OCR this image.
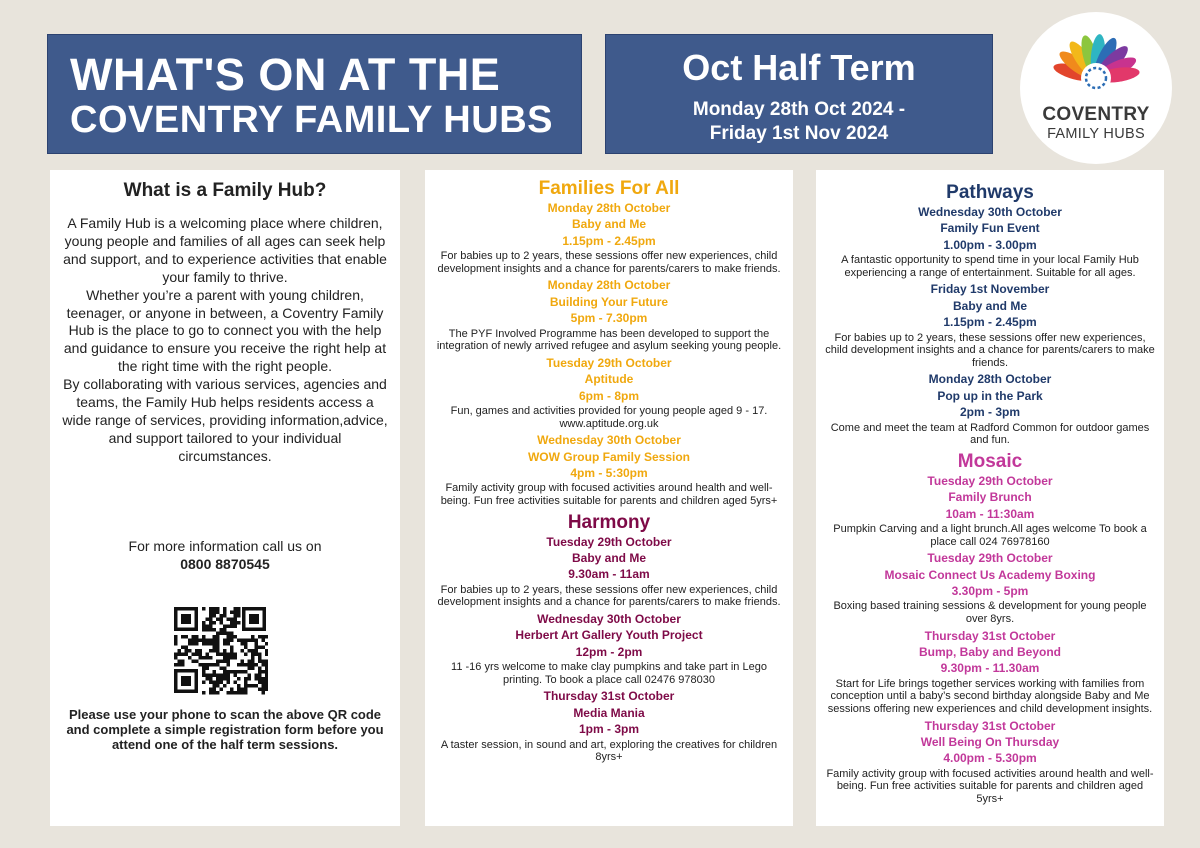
WHAT'S ON AT THE
COVENTRY FAMILY HUBS
Oct Half Term
Monday 28th Oct 2024 -
Friday 1st Nov 2024
COVENTRY
FAMILY HUBS
What is a Family Hub?

A Family Hub is a welcoming place where children, young people and families of all ages can seek help and support, and to experience activities that enable your family to thrive.

Whether you’re a parent with young children, teenager, or anyone in between, a Coventry Family Hub is the place to go to connect you with the help and guidance to ensure you receive the right help at the right time with the right people.

By collaborating with various services, agencies and teams, the Family Hub helps residents access a wide range of services, providing information,advice, and support tailored to your individual circumstances.

For more information call us on
0800 8870545
Please use your phone to scan the above QR code and complete a simple registration form before you attend one of the half term sessions.
Families For All
Monday 28th October
Baby and Me
1.15pm - 2.45pm
For babies up to 2 years, these sessions offer new experiences, child development insights and a chance for parents/carers to make friends.
Monday 28th October
Building Your Future
5pm - 7.30pm
The PYF Involved Programme has been developed to support the integration of newly arrived refugee and asylum seeking young people.
Tuesday 29th October
Aptitude
6pm - 8pm
Fun, games and activities provided for young people aged 9 - 17.
www.aptitude.org.uk
Wednesday 30th October
WOW Group Family Session
4pm - 5:30pm
Family activity group with focused activities around health and well-being. Fun free activities suitable for parents and children aged 5yrs+
Harmony
Tuesday 29th October
Baby and Me
9.30am - 11am
For babies up to 2 years, these sessions offer new experiences, child development insights and a chance for parents/carers to make friends.
Wednesday 30th October
Herbert Art Gallery Youth Project
12pm - 2pm
11 -16 yrs welcome to make clay pumpkins and take part in Lego printing. To book a place call 02476 978030
Thursday 31st October
Media Mania
1pm - 3pm
A taster session, in sound and art, exploring the creatives for children 8yrs+
Pathways
Wednesday 30th October
Family Fun Event
1.00pm - 3.00pm
A fantastic opportunity to spend time in your local Family Hub experiencing a range of entertainment. Suitable for all ages.
Friday 1st November
Baby and Me
1.15pm - 2.45pm
For babies up to 2 years, these sessions offer new experiences, child development insights and a chance for parents/carers to make friends.
Monday 28th October
Pop up in the Park
2pm - 3pm
Come and meet the team at Radford Common for outdoor games and fun.
Mosaic
Tuesday 29th October
Family Brunch
10am - 11:30am
Pumpkin Carving and a light brunch.All ages welcome To book a place call 024 76978160
Tuesday 29th October
Mosaic Connect Us Academy Boxing
3.30pm - 5pm
Boxing based training sessions & development for young people over 8yrs.
Thursday 31st October
Bump, Baby and Beyond
9.30pm - 11.30am
Start for Life brings together services working with families from conception until a baby’s second birthday alongside Baby and Me sessions offering new experiences and child development insights.
Thursday 31st October
Well Being On Thursday
4.00pm - 5.30pm
Family activity group with focused activities around health and well-being. Fun free activities suitable for parents and children aged 5yrs+
